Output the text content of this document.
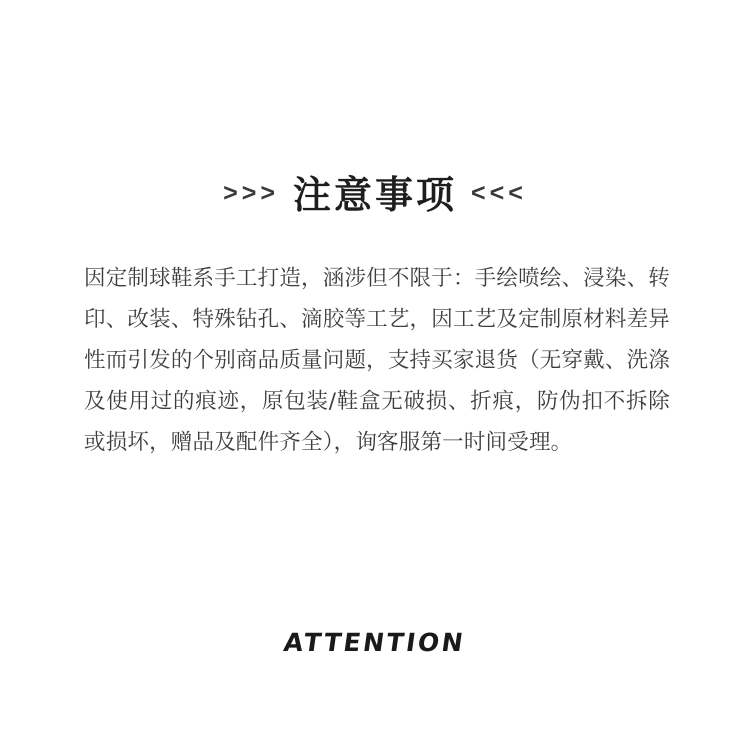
>>> 注意事项 <<<

因定制球鞋系手工打造，涵涉但不限于：手绘喷绘、浸染、转印、改装、特殊钻孔、滴胶等工艺，因工艺及定制原材料差异性而引发的个别商品质量问题，支持买家退货（无穿戴、洗涤及使用过的痕迹，原包装/鞋盒无破损、折痕，防伪扣不拆除或损坏，赠品及配件齐全），询客服第一时间受理。

ATTENTION
